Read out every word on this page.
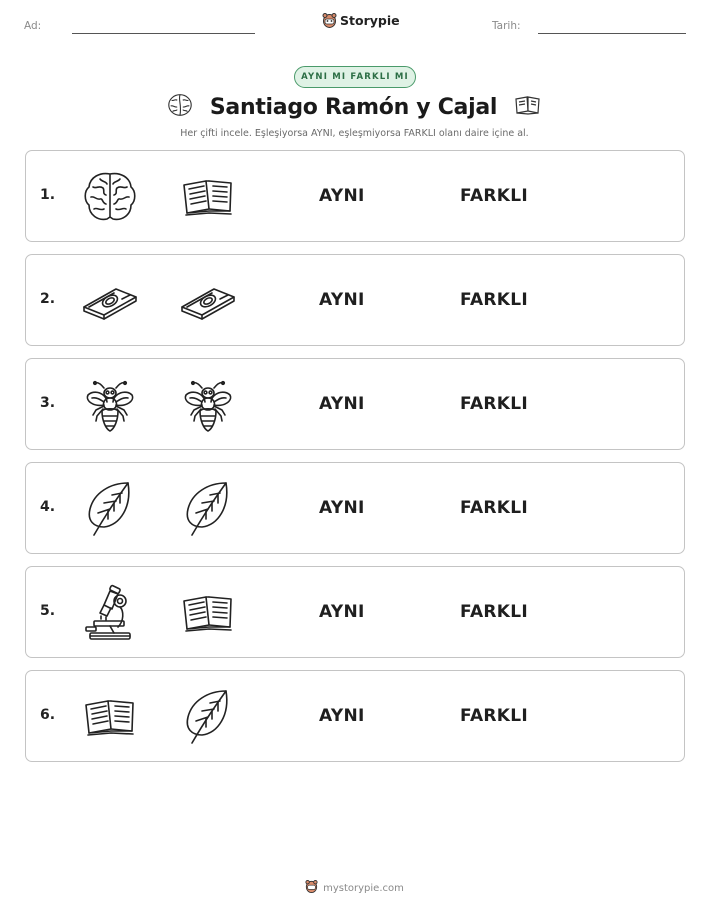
Ad:	Storypie	Tarih:
AYNI MI FARKLI MI
Santiago Ramón y Cajal
Her çifti incele. Eşleşiyorsa AYNI, eşleşmiyorsa FARKLI olanı daire içine al.
1.	AYNI	FARKLI
2.	AYNI	FARKLI
3.	AYNI	FARKLI
4.	AYNI	FARKLI
5.	AYNI	FARKLI
6.	AYNI	FARKLI
mystorypie.com
